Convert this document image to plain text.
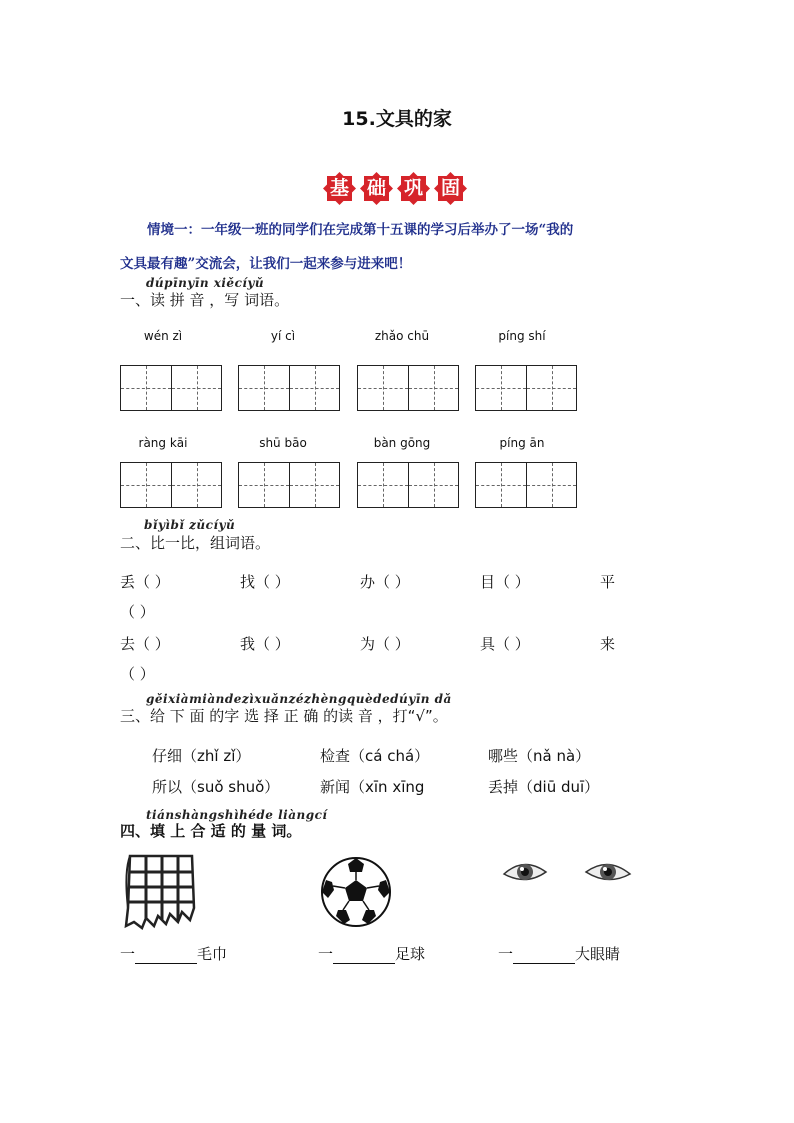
15.文具的家
基 础 巩 固
情境一：一年级一班的同学们在完成第十五课的学习后举办了一场“我的
文具最有趣”交流会，让我们一起来参与进来吧！
dúpīnyīn xiěcíyǔ
一、读 拼 音 ，写 词语。
wén zì	yí cì	zhǎo chū	píng shí
ràng kāi	shū bāo	bàn gōng	píng ān
bǐyìbǐ zǔcíyǔ
二、比一比，组词语。
丢（ ）	找（ ）	办（ ）	目（ ）	平
（ ）
去（ ）	我（ ）	为（ ）	具（ ）	来
（ ）
gěixiàmiàndezìxuǎnzézhèngquèdedúyīn dǎ
三、给 下 面 的字 选 择 正 确 的读 音 ，打“√”。
仔细（zhǐ zǐ）	检查（cá chá）	哪些（nǎ nà）
所以（suǒ shuǒ）	新闻（xīn xīng	丢掉（diū duī）
tiánshàngshìhéde liàngcí
四、填 上 合 适 的 量 词。
一	毛巾	一	足球	一	大眼睛
